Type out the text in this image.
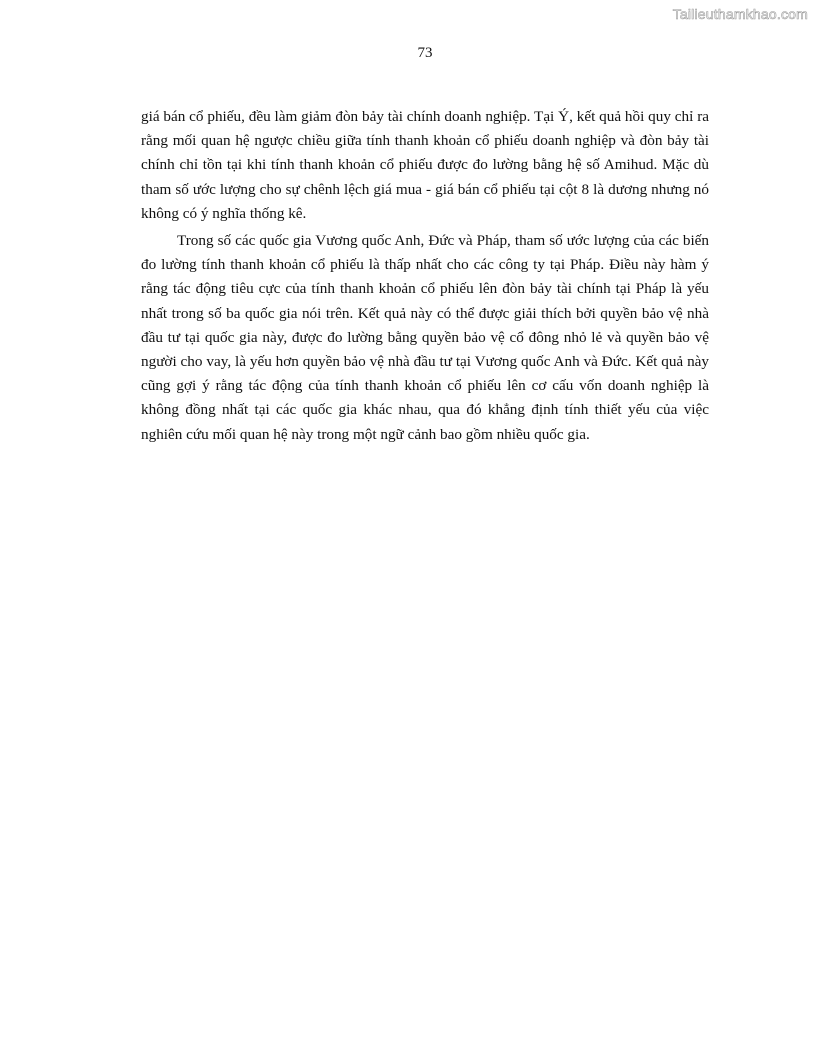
Tailieuthamkhao.com
73

giá bán cổ phiếu, đều làm giảm đòn bảy tài chính doanh nghiệp. Tại Ý, kết quả hồi quy chỉ ra rằng mối quan hệ ngược chiều giữa tính thanh khoản cổ phiếu doanh nghiệp và đòn bảy tài chính chỉ tồn tại khi tính thanh khoản cổ phiếu được đo lường bằng hệ số Amihud. Mặc dù tham số ước lượng cho sự chênh lệch giá mua - giá bán cổ phiếu tại cột 8 là dương nhưng nó không có ý nghĩa thống kê.

Trong số các quốc gia Vương quốc Anh, Đức và Pháp, tham số ước lượng của các biến đo lường tính thanh khoản cổ phiếu là thấp nhất cho các công ty tại Pháp. Điều này hàm ý rằng tác động tiêu cực của tính thanh khoản cổ phiếu lên đòn bảy tài chính tại Pháp là yếu nhất trong số ba quốc gia nói trên. Kết quả này có thể được giải thích bởi quyền bảo vệ nhà đầu tư tại quốc gia này, được đo lường bằng quyền bảo vệ cổ đông nhỏ lẻ và quyền bảo vệ người cho vay, là yếu hơn quyền bảo vệ nhà đầu tư tại Vương quốc Anh và Đức. Kết quả này cũng gợi ý rằng tác động của tính thanh khoản cổ phiếu lên cơ cấu vốn doanh nghiệp là không đồng nhất tại các quốc gia khác nhau, qua đó khẳng định tính thiết yếu của việc nghiên cứu mối quan hệ này trong một ngữ cảnh bao gồm nhiều quốc gia.
